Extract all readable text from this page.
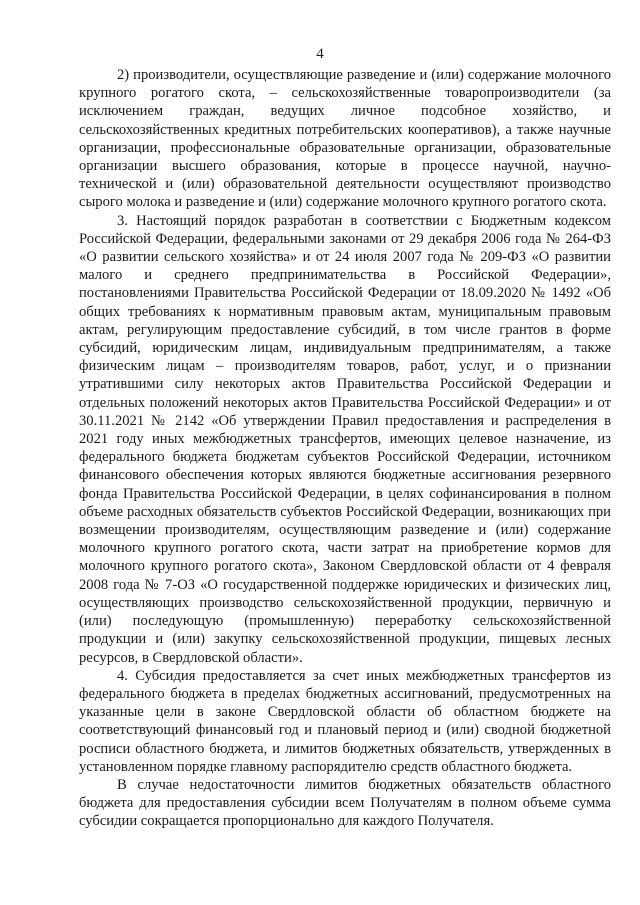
4

2) производители, осуществляющие разведение и (или) содержание молочного крупного рогатого скота, – сельскохозяйственные товаропроизводители (за исключением граждан, ведущих личное подсобное хозяйство, и сельскохозяйственных кредитных потребительских кооперативов), а также научные организации, профессиональные образовательные организации, образовательные организации высшего образования, которые в процессе научной, научно-технической и (или) образовательной деятельности осуществляют производство сырого молока и разведение и (или) содержание молочного крупного рогатого скота.

3. Настоящий порядок разработан в соответствии с Бюджетным кодексом Российской Федерации, федеральными законами от 29 декабря 2006 года № 264-ФЗ «О развитии сельского хозяйства» и от 24 июля 2007 года № 209-ФЗ «О развитии малого и среднего предпринимательства в Российской Федерации», постановлениями Правительства Российской Федерации от 18.09.2020 № 1492 «Об общих требованиях к нормативным правовым актам, муниципальным правовым актам, регулирующим предоставление субсидий, в том числе грантов в форме субсидий, юридическим лицам, индивидуальным предпринимателям, а также физическим лицам – производителям товаров, работ, услуг, и о признании утратившими силу некоторых актов Правительства Российской Федерации и отдельных положений некоторых актов Правительства Российской Федерации» и от 30.11.2021 № 2142 «Об утверждении Правил предоставления и распределения в 2021 году иных межбюджетных трансфертов, имеющих целевое назначение, из федерального бюджета бюджетам субъектов Российской Федерации, источником финансового обеспечения которых являются бюджетные ассигнования резервного фонда Правительства Российской Федерации, в целях софинансирования в полном объеме расходных обязательств субъектов Российской Федерации, возникающих при возмещении производителям, осуществляющим разведение и (или) содержание молочного крупного рогатого скота, части затрат на приобретение кормов для молочного крупного рогатого скота», Законом Свердловской области от 4 февраля 2008 года № 7-ОЗ «О государственной поддержке юридических и физических лиц, осуществляющих производство сельскохозяйственной продукции, первичную и (или) последующую (промышленную) переработку сельскохозяйственной продукции и (или) закупку сельскохозяйственной продукции, пищевых лесных ресурсов, в Свердловской области».

4. Субсидия предоставляется за счет иных межбюджетных трансфертов из федерального бюджета в пределах бюджетных ассигнований, предусмотренных на указанные цели в законе Свердловской области об областном бюджете на соответствующий финансовый год и плановый период и (или) сводной бюджетной росписи областного бюджета, и лимитов бюджетных обязательств, утвержденных в установленном порядке главному распорядителю средств областного бюджета.

В случае недостаточности лимитов бюджетных обязательств областного бюджета для предоставления субсидии всем Получателям в полном объеме сумма субсидии сокращается пропорционально для каждого Получателя.
